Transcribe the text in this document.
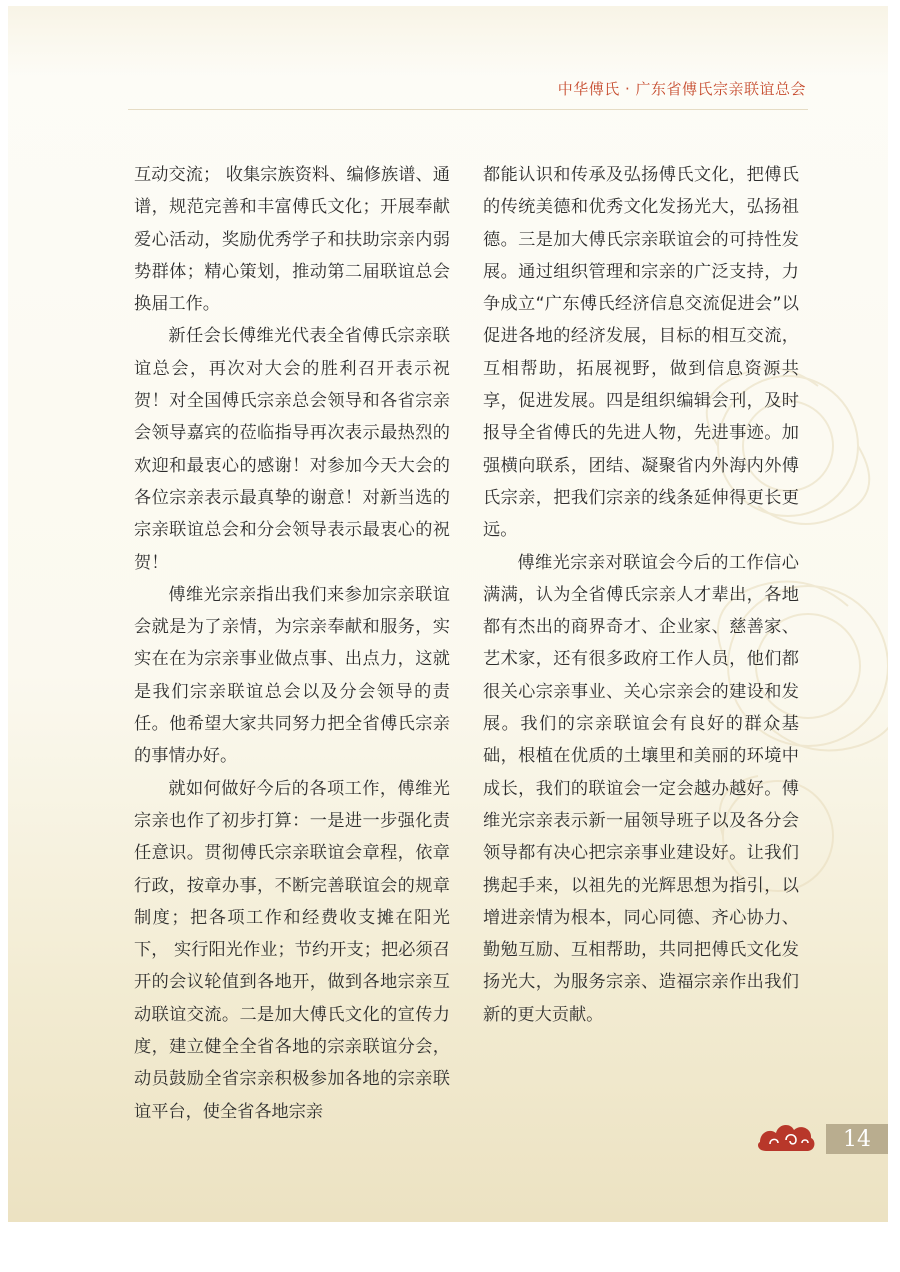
中华傅氏 · 广东省傅氏宗亲联谊总会

互动交流； 收集宗族资料、编修族谱、通谱，规范完善和丰富傅氏文化；开展奉献爱心活动，奖励优秀学子和扶助宗亲内弱势群体；精心策划，推动第二届联谊总会换届工作。

新任会长傅维光代表全省傅氏宗亲联谊总会，再次对大会的胜利召开表示祝贺！对全国傅氏宗亲总会领导和各省宗亲会领导嘉宾的莅临指导再次表示最热烈的欢迎和最衷心的感谢！对参加今天大会的各位宗亲表示最真挚的谢意！对新当选的宗亲联谊总会和分会领导表示最衷心的祝贺！

傅维光宗亲指出我们来参加宗亲联谊会就是为了亲情，为宗亲奉献和服务，实实在在为宗亲事业做点事、出点力，这就是我们宗亲联谊总会以及分会领导的责任。他希望大家共同努力把全省傅氏宗亲的事情办好。

就如何做好今后的各项工作，傅维光宗亲也作了初步打算：一是进一步强化责任意识。贯彻傅氏宗亲联谊会章程，依章行政，按章办事，不断完善联谊会的规章制度；把各项工作和经费收支摊在阳光下， 实行阳光作业；节约开支；把必须召开的会议轮值到各地开，做到各地宗亲互动联谊交流。二是加大傅氏文化的宣传力度，建立健全全省各地的宗亲联谊分会，动员鼓励全省宗亲积极参加各地的宗亲联谊平台，使全省各地宗亲

都能认识和传承及弘扬傅氏文化，把傅氏的传统美德和优秀文化发扬光大，弘扬祖德。三是加大傅氏宗亲联谊会的可持性发展。通过组织管理和宗亲的广泛支持，力争成立“广东傅氏经济信息交流促进会”以促进各地的经济发展，目标的相互交流，互相帮助，拓展视野，做到信息资源共享，促进发展。四是组织编辑会刊，及时报导全省傅氏的先进人物，先进事迹。加强横向联系，团结、凝聚省内外海内外傅氏宗亲，把我们宗亲的线条延伸得更长更远。

傅维光宗亲对联谊会今后的工作信心满满，认为全省傅氏宗亲人才辈出，各地都有杰出的商界奇才、企业家、慈善家、艺术家，还有很多政府工作人员，他们都很关心宗亲事业、关心宗亲会的建设和发展。我们的宗亲联谊会有良好的群众基础，根植在优质的土壤里和美丽的环境中成长，我们的联谊会一定会越办越好。傅维光宗亲表示新一届领导班子以及各分会领导都有决心把宗亲事业建设好。让我们携起手来，以祖先的光辉思想为指引，以增进亲情为根本，同心同德、齐心协力、勤勉互励、互相帮助，共同把傅氏文化发扬光大，为服务宗亲、造福宗亲作出我们新的更大贡献。

14
